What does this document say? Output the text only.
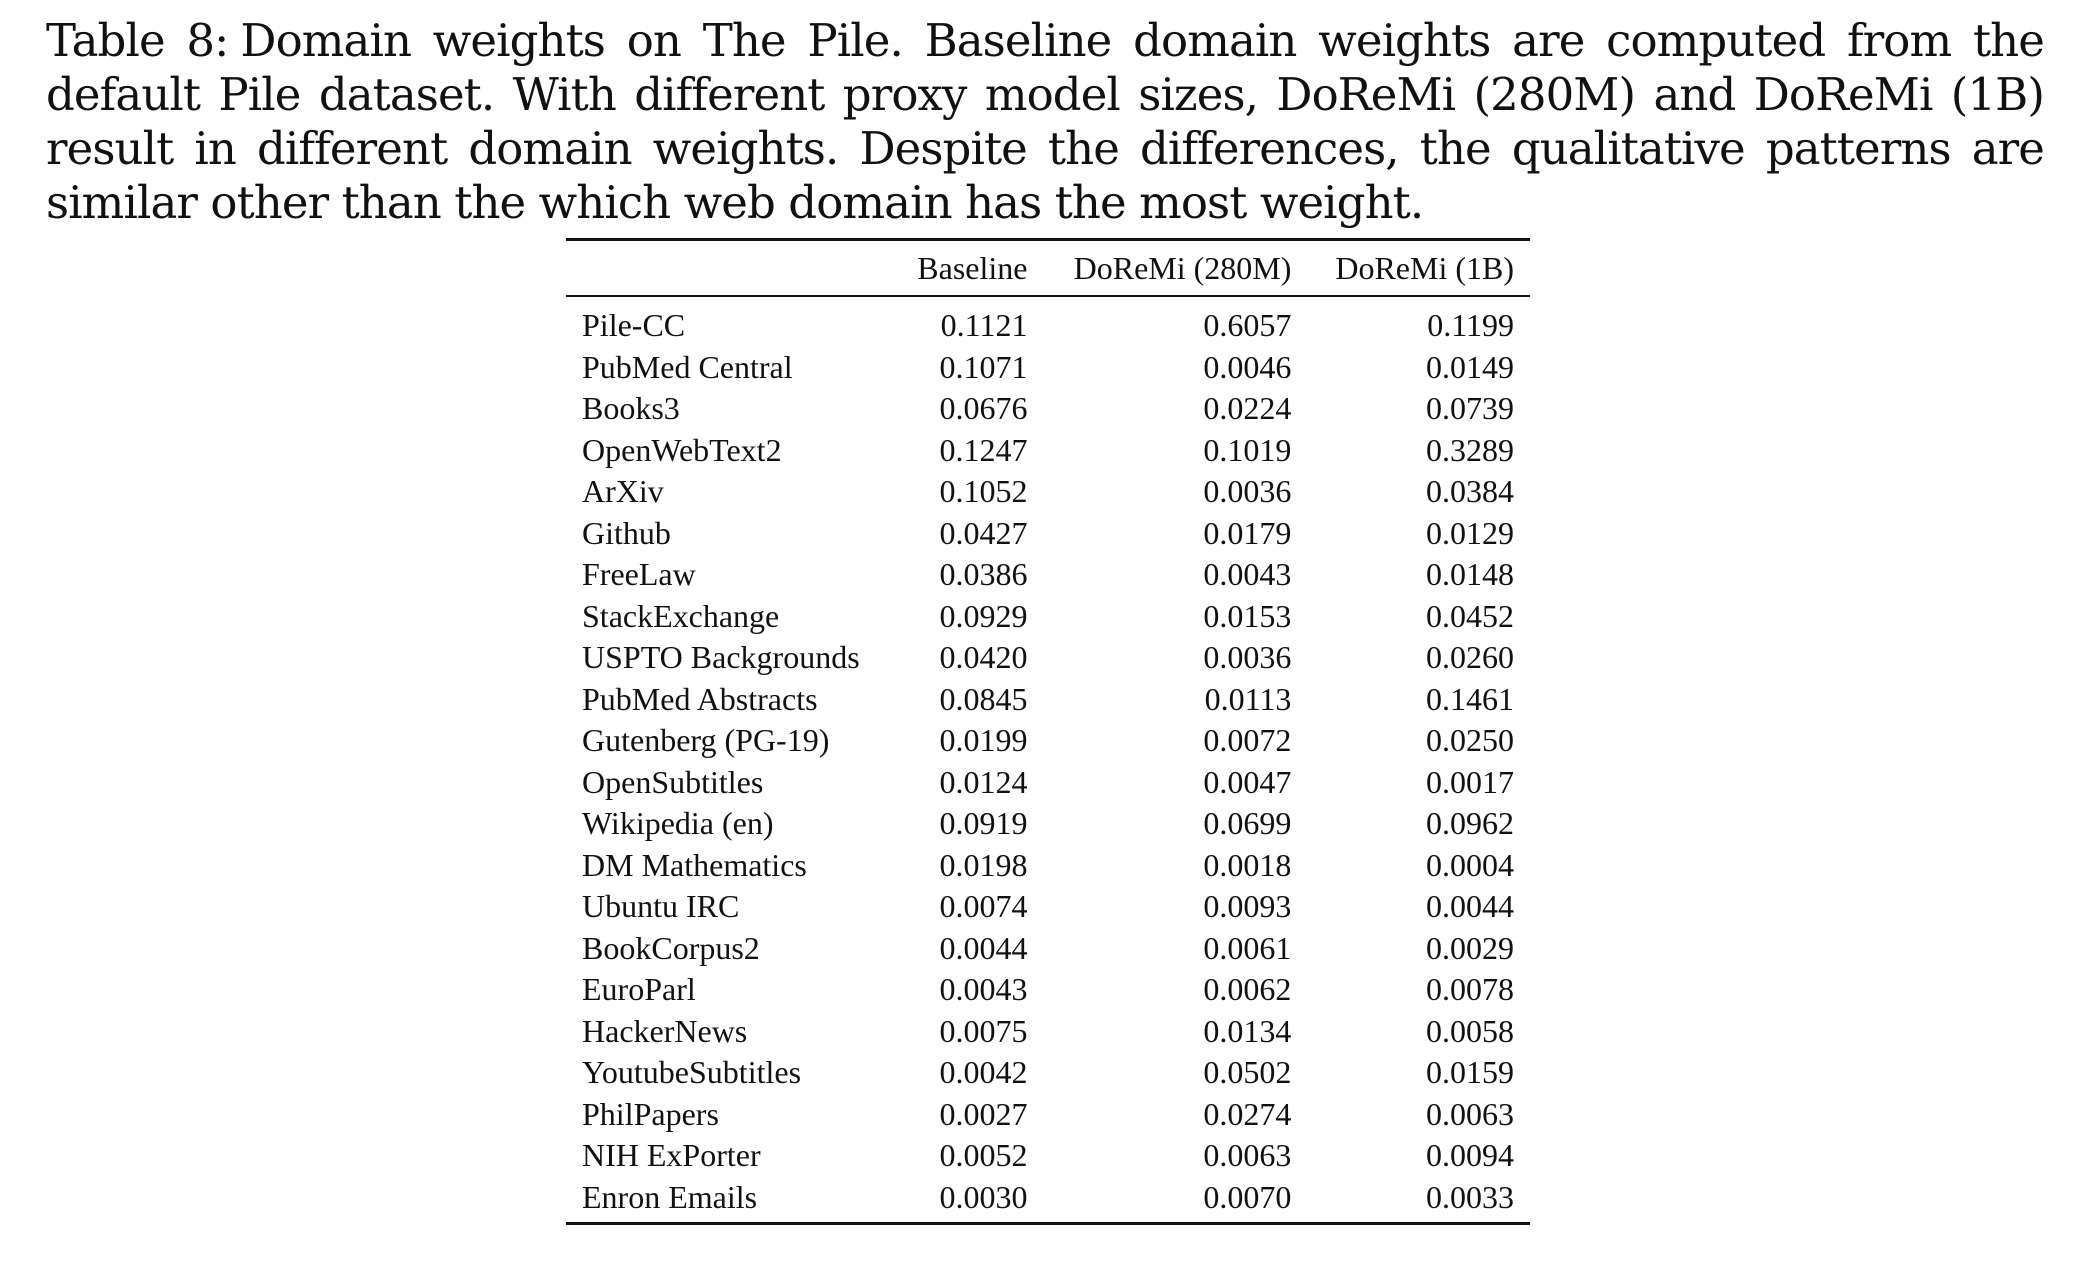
Table 8: Domain weights on The Pile. Baseline domain weights are computed from the default Pile dataset. With different proxy model sizes, DoReMi (280M) and DoReMi (1B) result in different domain weights. Despite the differences, the qualitative patterns are similar other than the which web domain has the most weight.
	Baseline	DoReMi (280M)	DoReMi (1B)
Pile-CC	0.1121	0.6057	0.1199
PubMed Central	0.1071	0.0046	0.0149
Books3	0.0676	0.0224	0.0739
OpenWebText2	0.1247	0.1019	0.3289
ArXiv	0.1052	0.0036	0.0384
Github	0.0427	0.0179	0.0129
FreeLaw	0.0386	0.0043	0.0148
StackExchange	0.0929	0.0153	0.0452
USPTO Backgrounds	0.0420	0.0036	0.0260
PubMed Abstracts	0.0845	0.0113	0.1461
Gutenberg (PG-19)	0.0199	0.0072	0.0250
OpenSubtitles	0.0124	0.0047	0.0017
Wikipedia (en)	0.0919	0.0699	0.0962
DM Mathematics	0.0198	0.0018	0.0004
Ubuntu IRC	0.0074	0.0093	0.0044
BookCorpus2	0.0044	0.0061	0.0029
EuroParl	0.0043	0.0062	0.0078
HackerNews	0.0075	0.0134	0.0058
YoutubeSubtitles	0.0042	0.0502	0.0159
PhilPapers	0.0027	0.0274	0.0063
NIH ExPorter	0.0052	0.0063	0.0094
Enron Emails	0.0030	0.0070	0.0033
